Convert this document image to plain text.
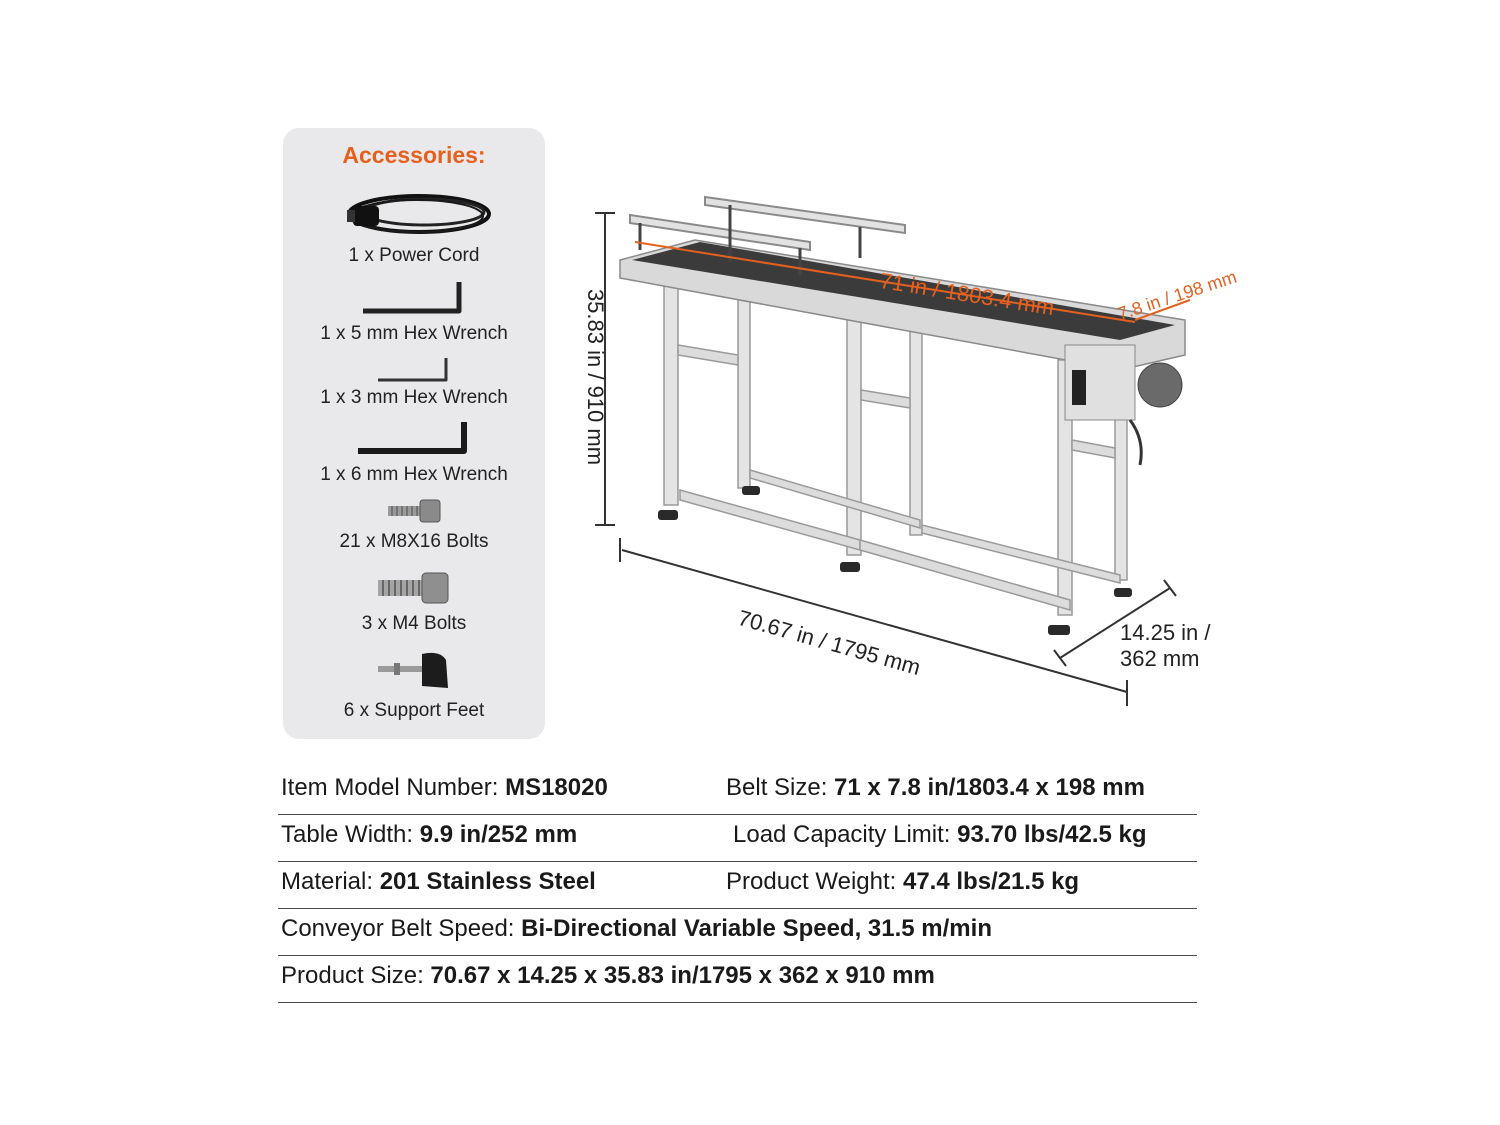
Accessories:
1 x Power Cord
1 x 5 mm Hex Wrench
1 x 3 mm Hex Wrench
1 x 6 mm Hex Wrench
21 x M8X16 Bolts
3 x M4 Bolts
6 x Support Feet
71 in / 1803.4 mm	7.8 in / 198 mm
35.83 in / 910 mm
70.67 in / 1795 mm	14.25 in /
362 mm
Item Model Number: MS18020	Belt Size: 71 x 7.8 in/1803.4 x 198 mm
Table Width: 9.9 in/252 mm	Load Capacity Limit: 93.70 lbs/42.5 kg
Material: 201 Stainless Steel	Product Weight: 47.4 lbs/21.5 kg
Conveyor Belt Speed: Bi-Directional Variable Speed, 31.5 m/min
Product Size: 70.67 x 14.25 x 35.83 in/1795 x 362 x 910 mm
